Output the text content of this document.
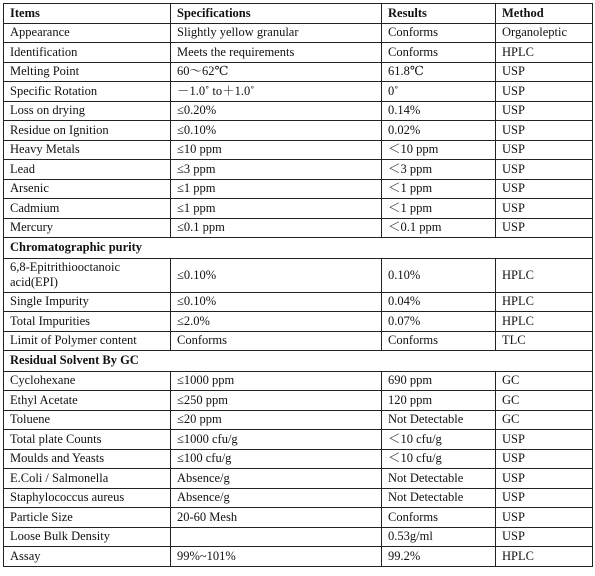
Items	Specifications	Results	Method
Appearance	Slightly yellow granular	Conforms	Organoleptic
Identification	Meets the requirements	Conforms	HPLC
Melting Point	60～62℃	61.8℃	USP
Specific Rotation	－1.0˚ to＋1.0˚	0˚	USP
Loss on drying	≤0.20%	0.14%	USP
Residue on Ignition	≤0.10%	0.02%	USP
Heavy Metals	≤10 ppm	＜10 ppm	USP
Lead	≤3 ppm	＜3 ppm	USP
Arsenic	≤1 ppm	＜1 ppm	USP
Cadmium	≤1 ppm	＜1 ppm	USP
Mercury	≤0.1 ppm	＜0.1 ppm	USP
Chromatographic purity			
6,8-Epitrithiooctanoic acid(EPI)	≤0.10%	0.10%	HPLC
Single Impurity	≤0.10%	0.04%	HPLC
Total Impurities	≤2.0%	0.07%	HPLC
Limit of Polymer content	Conforms	Conforms	TLC
Residual Solvent By GC			
Cyclohexane	≤1000 ppm	690 ppm	GC
Ethyl Acetate	≤250 ppm	120 ppm	GC
Toluene	≤20 ppm	Not Detectable	GC
Total plate Counts	≤1000 cfu/g	＜10 cfu/g	USP
Moulds and Yeasts	≤100 cfu/g	＜10 cfu/g	USP
E.Coli / Salmonella	Absence/g	Not Detectable	USP
Staphylococcus aureus	Absence/g	Not Detectable	USP
Particle Size	20-60 Mesh	Conforms	USP
Loose Bulk Density		0.53g/ml	USP
Assay	99%~101%	99.2%	HPLC
